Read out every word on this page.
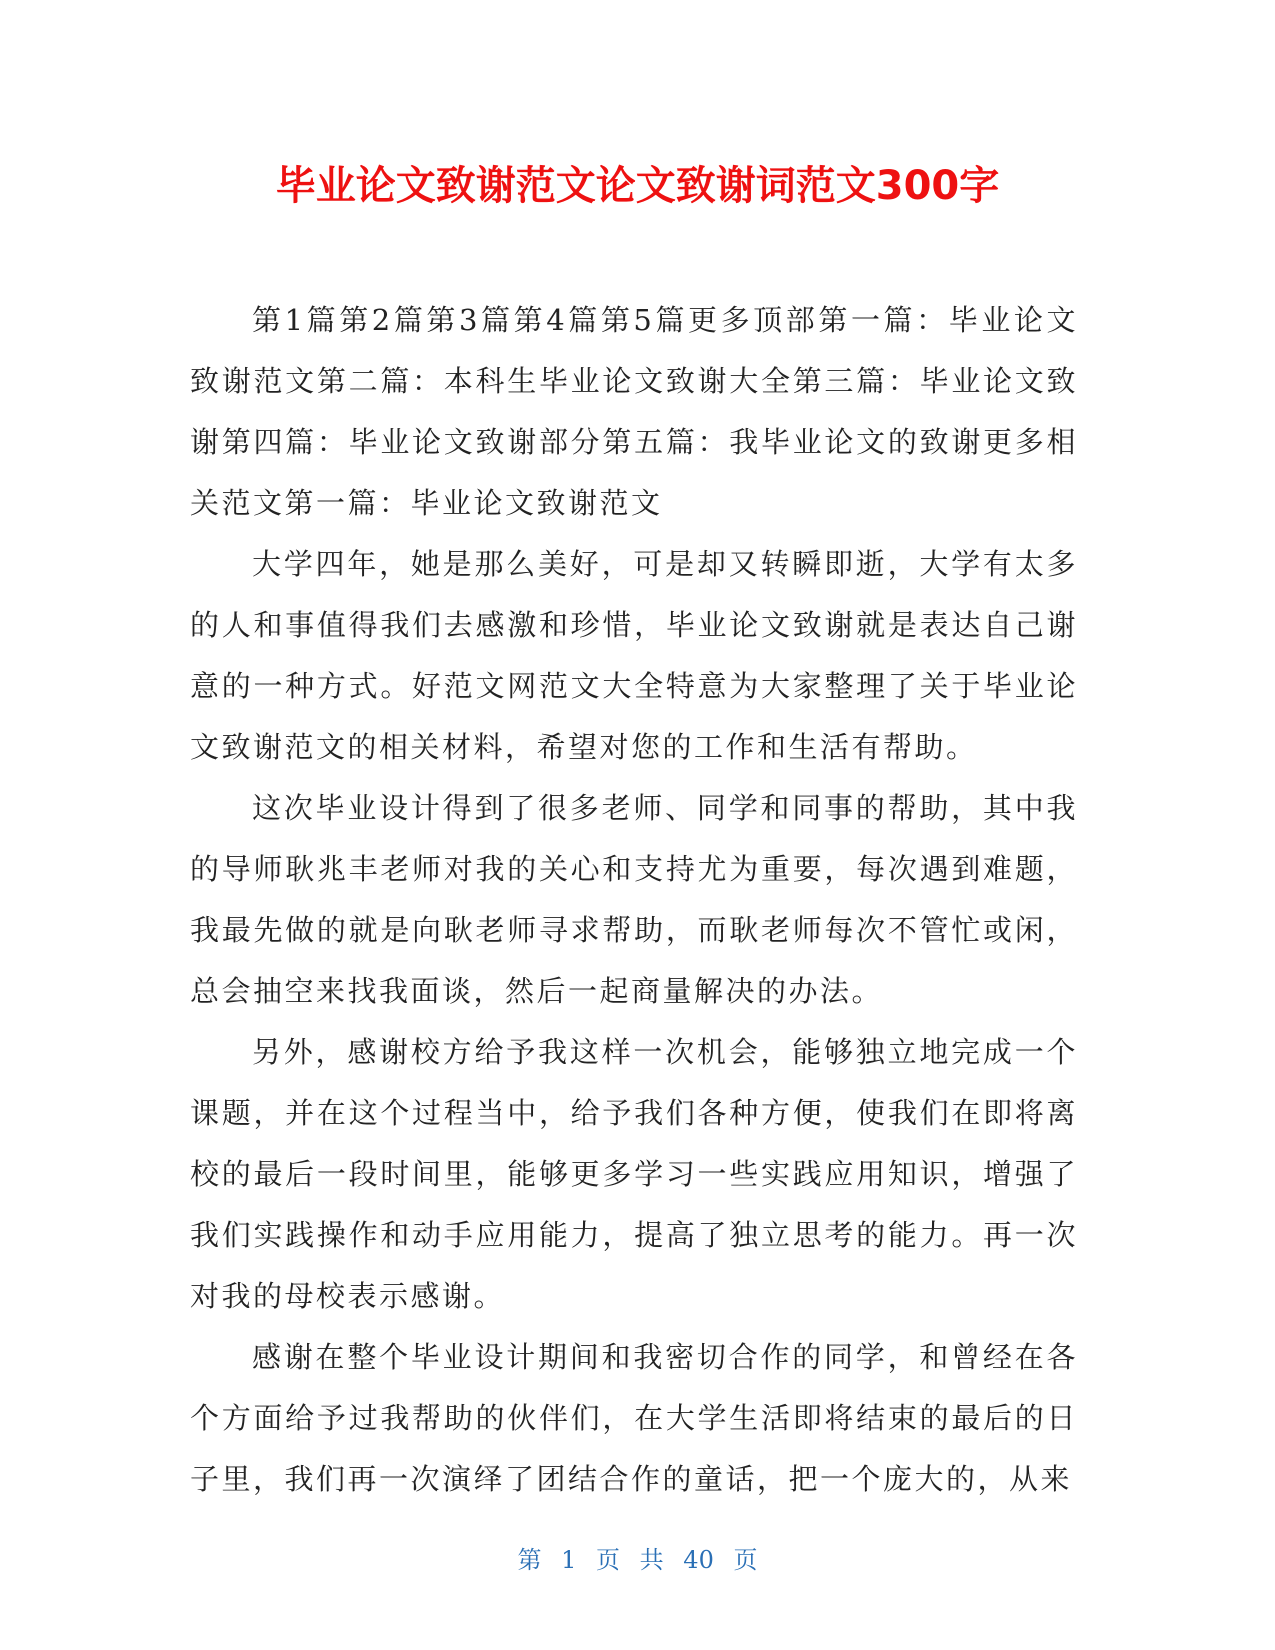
毕业论文致谢范文论文致谢词范文300字

第1篇第2篇第3篇第4篇第5篇更多顶部第一篇：毕业论文致谢范文第二篇：本科生毕业论文致谢大全第三篇：毕业论文致谢第四篇：毕业论文致谢部分第五篇：我毕业论文的致谢更多相关范文第一篇：毕业论文致谢范文

大学四年，她是那么美好，可是却又转瞬即逝，大学有太多的人和事值得我们去感激和珍惜，毕业论文致谢就是表达自己谢意的一种方式。好范文网范文大全特意为大家整理了关于毕业论文致谢范文的相关材料，希望对您的工作和生活有帮助。

这次毕业设计得到了很多老师、同学和同事的帮助，其中我的导师耿兆丰老师对我的关心和支持尤为重要，每次遇到难题，我最先做的就是向耿老师寻求帮助，而耿老师每次不管忙或闲，总会抽空来找我面谈，然后一起商量解决的办法。

另外，感谢校方给予我这样一次机会，能够独立地完成一个课题，并在这个过程当中，给予我们各种方便，使我们在即将离校的最后一段时间里，能够更多学习一些实践应用知识，增强了我们实践操作和动手应用能力，提高了独立思考的能力。再一次对我的母校表示感谢。

感谢在整个毕业设计期间和我密切合作的同学，和曾经在各个方面给予过我帮助的伙伴们，在大学生活即将结束的最后的日子里，我们再一次演绎了团结合作的童话，把一个庞大的，从来

第 1 页 共 40 页
